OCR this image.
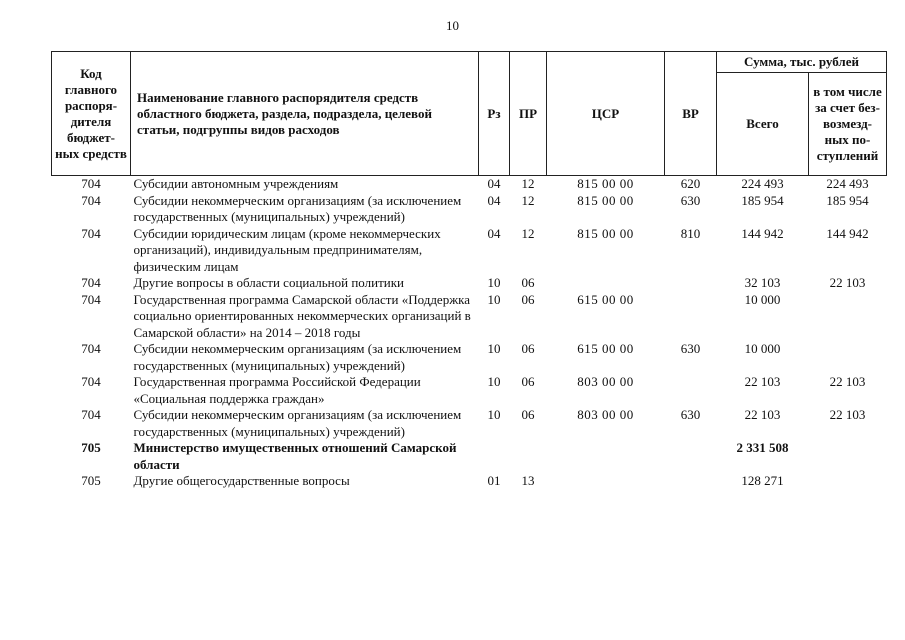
10
Код главного распоря-дителя бюджет-ных средств	Наименование главного распорядителя средств областного бюджета, раздела, подраздела, целевой статьи, подгруппы видов расходов	Рз	ПР	ЦСР	ВР	Сумма, тыс. рублей	
						Всего	в том числе за счет без-возмезд-ных по-ступлений
704	Субсидии автономным учреждениям	04	12	815 00 00	620	224 493	224 493
704	Субсидии некоммерческим организациям (за исключением государственных (муниципальных) учреждений)	04	12	815 00 00	630	185 954	185 954
704	Субсидии юридическим лицам (кроме некоммерческих организаций), индивидуальным предпринимателям, физическим лицам	04	12	815 00 00	810	144 942	144 942
704	Другие вопросы в области социальной политики	10	06			32 103	22 103
704	Государственная программа Самарской области «Поддержка социально ориентированных некоммерческих организаций в Самарской области» на 2014 – 2018 годы	10	06	615 00 00		10 000	
704	Субсидии некоммерческим организациям (за исключением государственных (муниципальных) учреждений)	10	06	615 00 00	630	10 000	
704	Государственная программа Российской Федерации «Социальная поддержка граждан»	10	06	803 00 00		22 103	22 103
704	Субсидии некоммерческим организациям (за исключением государственных (муниципальных) учреждений)	10	06	803 00 00	630	22 103	22 103
705	Министерство имущественных отношений Самарской области					2 331 508	
705	Другие общегосударственные вопросы	01	13			128 271	
